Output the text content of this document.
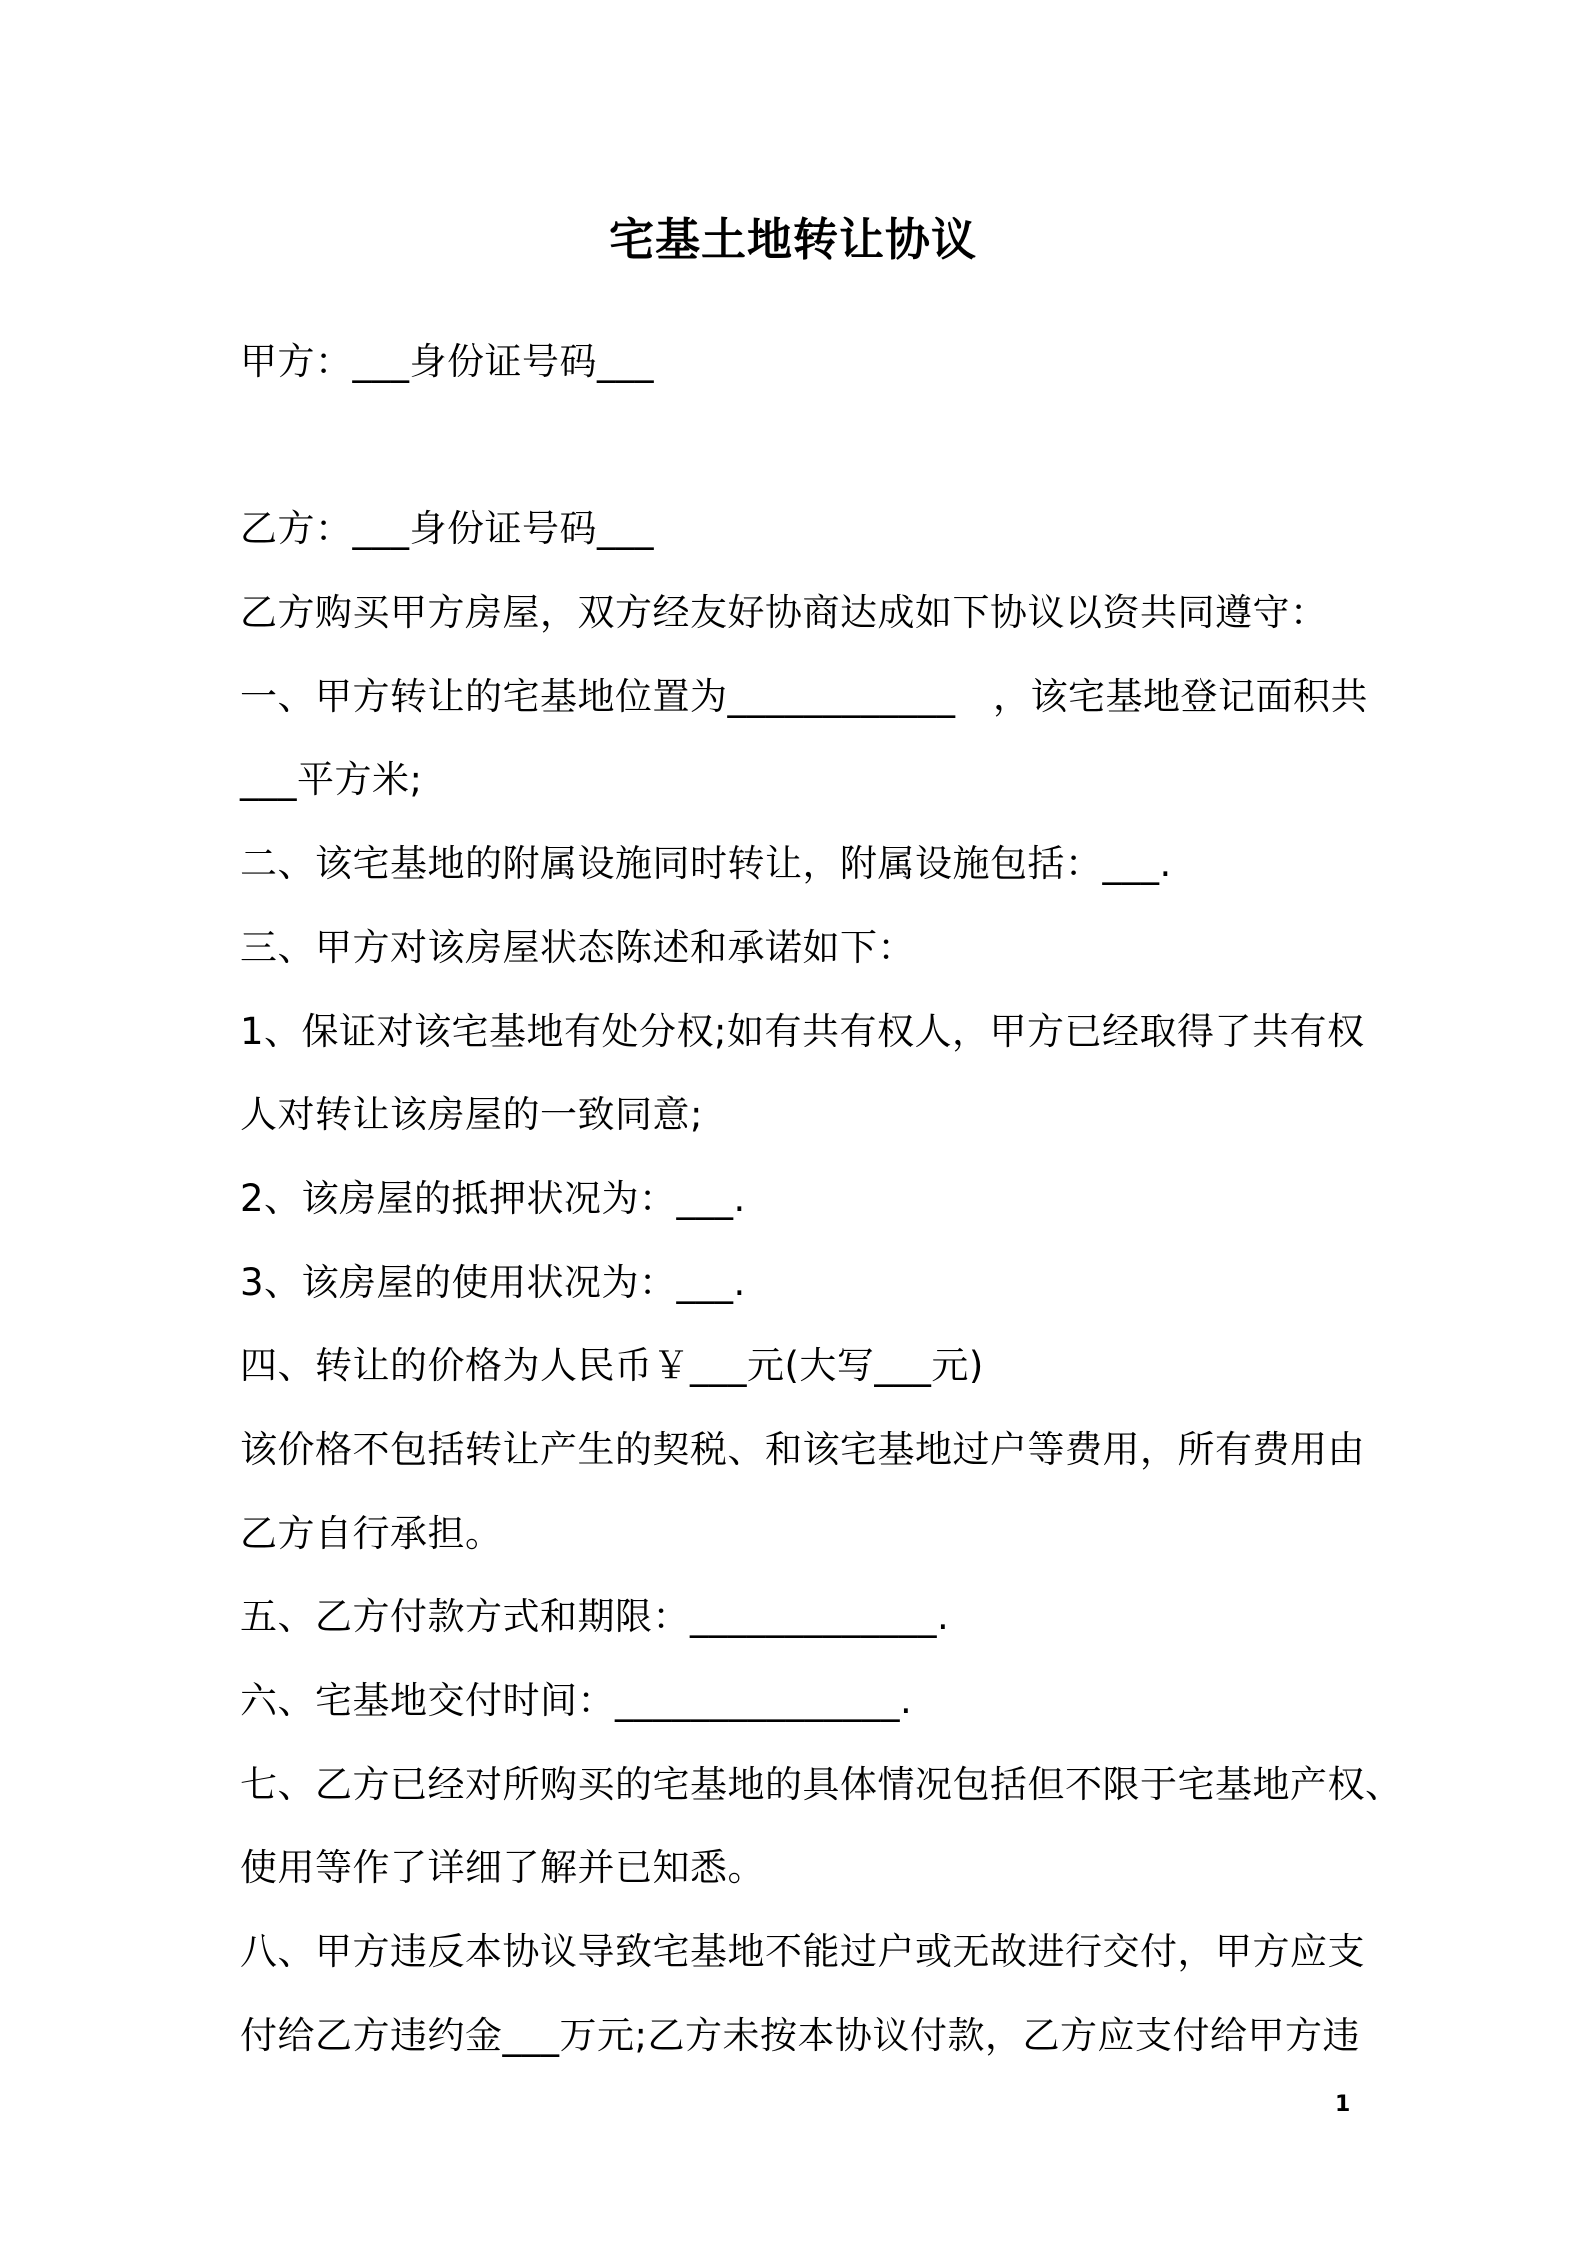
宅基土地转让协议
甲方：___身份证号码___
乙方：___身份证号码___
乙方购买甲方房屋，双方经友好协商达成如下协议以资共同遵守：
一、甲方转让的宅基地位置为____________　，该宅基地登记面积共
___平方米;
二、该宅基地的附属设施同时转让，附属设施包括：___.
三、甲方对该房屋状态陈述和承诺如下：
1、保证对该宅基地有处分权;如有共有权人，甲方已经取得了共有权
人对转让该房屋的一致同意;
2、该房屋的抵押状况为：___.
3、该房屋的使用状况为：___.
四、转让的价格为人民币￥___元(大写___元)
该价格不包括转让产生的契税、和该宅基地过户等费用，所有费用由
乙方自行承担。
五、乙方付款方式和期限：_____________.
六、宅基地交付时间：_______________.
七、乙方已经对所购买的宅基地的具体情况包括但不限于宅基地产权、
使用等作了详细了解并已知悉。
八、甲方违反本协议导致宅基地不能过户或无故进行交付，甲方应支
付给乙方违约金___万元;乙方未按本协议付款，乙方应支付给甲方违
1
